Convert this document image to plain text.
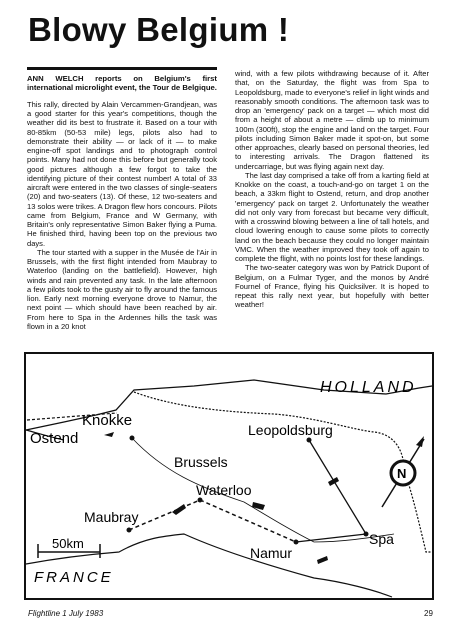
Blowy Belgium !

ANN WELCH reports on Belgium's first international microlight event, the Tour de Belgique.

This rally, directed by Alain Vercammen-Grandjean, was a good starter for this year's competitions, though the weather did its best to frustrate it. Based on a tour with 80-85km (50-53 mile) legs, pilots also had to demonstrate their ability — or lack of it — to make engine-off spot landings and to photograph control points. Many had not done this before but generally took good pictures although a few forgot to take the identifying picture of their contest number! A total of 33 aircraft were entered in the two classes of single-seaters (20) and two-seaters (13). Of these, 12 two-seaters and 13 solos were trikes. A Dragon flew hors concours. Pilots came from Belgium, France and W Germany, with Britain's only representative Simon Baker flying a Puma. He finished third, having been top on the previous two days.

The tour started with a supper in the Musée de l'Air in Brussels, with the first flight intended from Maubray to Waterloo (landing on the battlefield). However, high winds and rain prevented any task. In the late afternoon a few pilots took to the gusty air to fly around the famous lion. Early next morning everyone drove to Namur, the next point — which should have been reached by air. From here to Spa in the Ardennes hills the task was flown in a 20 knot

wind, with a few pilots withdrawing because of it. After that, on the Saturday, the flight was from Spa to Leopoldsburg, made to everyone's relief in light winds and reasonably smooth conditions. The afternoon task was to drop an 'emergency' pack on a target — which most did from a height of about a metre — climb up to minimum 100m (300ft), stop the engine and land on the target. Four pilots including Simon Baker made it spot-on, but some other approaches, clearly based on personal theories, led to interesting arrivals. The Dragon flattened its undercarriage, but was flying again next day.

The last day comprised a take off from a karting field at Knokke on the coast, a touch-and-go on target 1 on the beach, a 33km flight to Ostend, return, and drop another 'emergency' pack on target 2. Unfortunately the weather did not only vary from forecast but became very difficult, with a crosswind blowing between a line of tall hotels, and cloud lowering enough to cause some pilots to correctly land on the beach because they could no longer maintain VMC. When the weather improved they took off again to complete the flight, with no points lost for these landings.

The two-seater category was won by Patrick Dupont of Belgium, on a Fulmar Tyger, and the monos by André Fournel of France, flying his Quicksilver. It is hoped to repeat this rally next year, but hopefully with better weather!

Knokke
Ostend
HOLLAND
Leopoldsburg
Brussels
Waterloo
Maubray
Spa
Namur
FRANCE
50km
N
Flightline 1 July 1983	29
